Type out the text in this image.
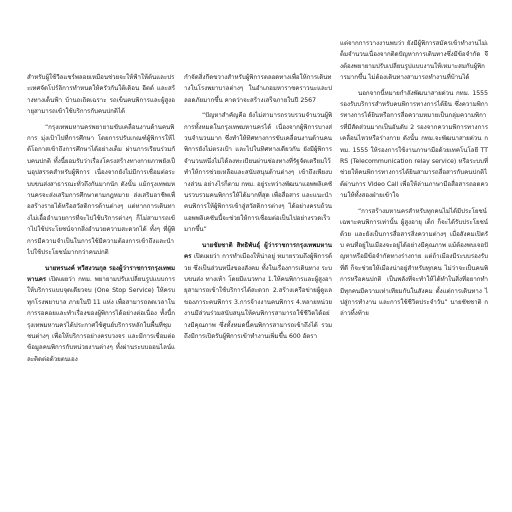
สำหรับผู้ใช้วีลแชร์พลอยเหมือนช่วยจะให้ฟ้าให้ต้นและประเทศจัดโปร์ลิการทำหนดให้ครัวกันใต้เดิอน อีตต์ และสร้างทางเด็นฟ้า บ้านถเถิดเฉราะ รถเข็นคนพิการและผู้สูงอายุสามารถเข้าใช้บริการกับคนปกติได้

“กรุงเทพมหานครพยายามขับเคลื่อนงานด้านคนพิการ มุ่งเป้าไปที่การศึกษา โดยการปรับเกณฑ์ผู้พิการให้ได้โอกาสเข้าถึงการศึกษาได้อย่างเต็ม ผ่านการเรียนร่วมกับคนปกติ ทั้งนี้ยอมรับว่าเรื่องโครงสร้างทางกายภาพยังเป็นอุปสรรคสำหรับผู้พิการ เนื่องจากยังไม่มีการเชื่อมต่อระบบขนส่งสาธารณะทั่วถึงกันมากนัก ดังนั้น แม้กรุงเทพมหานครจะส่งเสริมการศึกษาตามกฎหมาย ส่งเสริมอาชีพเพื่อสร้างรายได้หรือสวัสดิการด้านต่างๆ แต่หากการเดินทางไม่เอื้ออำนวยการที่จะไปใช้บริการต่างๆ ก็ไม่สามารถเข้าไปใช้ประโยชน์จากสิ่งอำนวยความสะดวกได้ ทั้งๆ ที่ผู้พิการมีความจำเป็นในการใช้มีความต้องการเข้าถึงและนำไปใช้ประโยชน์มากกว่าคนปกติ

นายทรนงค์ ทวีสงวนกุล รองผู้ว่าราชการกรุงเทพมหานคร เปิดเผยว่า กทม. พยายามปรับเปลี่ยนรูปแบบการให้บริการแบบจุดเดียวจบ (One Stop Service) ให้ครบทุกโรงพยาบาล ภายในปี 11 แห่ง เพื่อสามารถลดเวลาในการรอคอยและทำเรื่องของผู้พิการได้อย่างต่อเนื่อง ทั้งนี้กรุงเทพมหานครได้ประกาศใช้ศูนย์บริการหลักในพื้นที่ชุมชนต่างๆ เพื่อให้บริการอย่างครบวงจร และมีการเชื่อมต่อข้อมูลคนพิการกับหน่วยงานต่างๆ ทั้งผ่านระบบออนไลน์และติดต่อด้วยตนเอง

กำจัดสิ่งกีดขวางสำหรับผู้พิการตลอดทางเพื่อให้การเดินทางในโรงพยาบาลต่างๆ ในอำเภอมหาราชคราวนะและปลอดภัยมากขึ้น คาดว่าจะสร้างเสร็จภายในปี 2567

“ปัญหาสำคัญคือ ยังไม่สามารถรวบรวมจำนวนผู้พิการทั้งหมดในกรุงเทพมหานครได้ เนื่องจากผู้พิการบางส่วนจำนวนมาก ซึ่งทำให้ทิศทางการขับเคลื่อนงานด้านคนพิการยังไม่ตรงเป้า และไปในทิศทางเดียวกัน ยังมีผู้พิการจำนวนหนึ่งไม่ได้ลงทะเบียนผ่านช่องทางที่รัฐจัดเตรียมไว้ ทำให้การช่วยเหลือและสนับสนุนด้านต่างๆ เข้าถึงเพียงบางส่วน อย่างไรก็ตาม กทม. อยู่ระหว่างพัฒนาแอพพลิเคชันรวบรวมคนพิการให้ได้มากที่สุด เพื่อสื่อสาร และแนะนำคนพิการให้ผู้พิการเข้าสู่สวัสดิการต่างๆ ได้อย่างครบถ้วน แอพพลิเคชันนี้จะช่วยให้การเชื่อมต่อเป็นไปอย่างรวดเร็วมากขึ้น”

นายชัยชาติ สิทธิพันธุ์ ผู้ว่าราชการกรุงเทพมหานคร เปิดเผยว่า การทำเมืองให้น่าอยู่ หมายรวมถึงผู้พิการด้วย ซึ่งเป็นส่วนหนึ่งของสังคม ทั้งในเรื่องการเดินทาง ระบบขนส่ง ทางเท้า โดยมีแนวทาง 1.ให้คนพิการและผู้สูงอายุสามารถเข้าใช้บริการได้สะดวก 2.สร้างเครือข่ายผู้ดูแลของภาระคนพิการ 3.การจ้างงานคนพิการ 4.หลายหน่วยงานมีส่วนร่วมสนับสนุนให้คนพิการสามารถใช้ชีวิตได้อย่างมีคุณภาพ ซึ่งทั้งหมดนี้คนพิการสามารถเข้าถึงได้ รวมถึงมีการเปิดรับผู้พิการเข้าทำงานเพิ่มขึ้น 600 อัตรา

แต่จากการวางงานพบว่า ยังมีผู้พิการสมัครเข้าทำงานไม่เต็มจำนวนเนื่องจากติดปัญหาการเดินทางซึ่งมีข้อจำกัด จึงต้องพยายามปรับเปลี่ยนรูปแบบงานให้เหมาะสมกับผู้พิการมากขึ้น ไม่ต้องเดินทางสามารถทำงานที่บ้านได้

นอกจากนี้หมายกำลังพัฒนาสายด่วน กทม. 1555 รองรับบริการสำหรับคนพิการทางการได้ยิน ซึ่งความพิการทางการได้ยินหรือการสื่อความหมายเป็นกลุ่มความพิการที่มีสัดส่วนมากเป็นอันดับ 2 รองจากความพิการทางการเคลื่อนไหวหรือร่างกาย ดังนั้น กทม.จะพัฒนาสายด่วน กทม. 1555 ให้รองการใช้งานภาษามือด้วยเทคโนโลยี TTRS (Telecommunication relay service) หรือระบบที่ช่วยให้คนพิการทางการได้ยินสามารถสื่อสารกับคนปกติได้ผ่านการ Video Call เพื่อให้ล่ามภาษามือสื่อสารถอดความให้ทั้งสองฝ่ายเข้าใจ

“การสร้างมหานครสำหรับทุกคนไม่ได้มีประโยชน์เฉพาะคนพิการเท่านั้น ผู้สูงอายุ เด็ก ก็จะได้รับประโยชน์ด้วย และยังเป็นการสื่อสารสิ่งความต่างๆ เมื่อสังคมเปิดรับ คนที่อยู่ในเมืองจะอยู่ได้อย่างมีคุณภาพ แม้ต้องพบเจอปัญหาหรือมีข้อจำกัดทางร่างกาย แต่ถ้าเมืองมีระบบรองรับที่ดี ก็จะช่วยให้เมืองน่าอยู่สำหรับทุกคน ไม่ว่าจะเป็นคนพิการหรือคนปกติ เป็นพลังที่จะทำให้ได้ทำในสิ่งที่อยากทำ มีทุกคนมีความเท่าเทียมกันในสังคม ตั้งแต่การเดินทาง ไปสู่การทำงาน และการใช้ชีวิตประจำวัน” นายชัชชาติ กล่าวทิ้งท้าย
